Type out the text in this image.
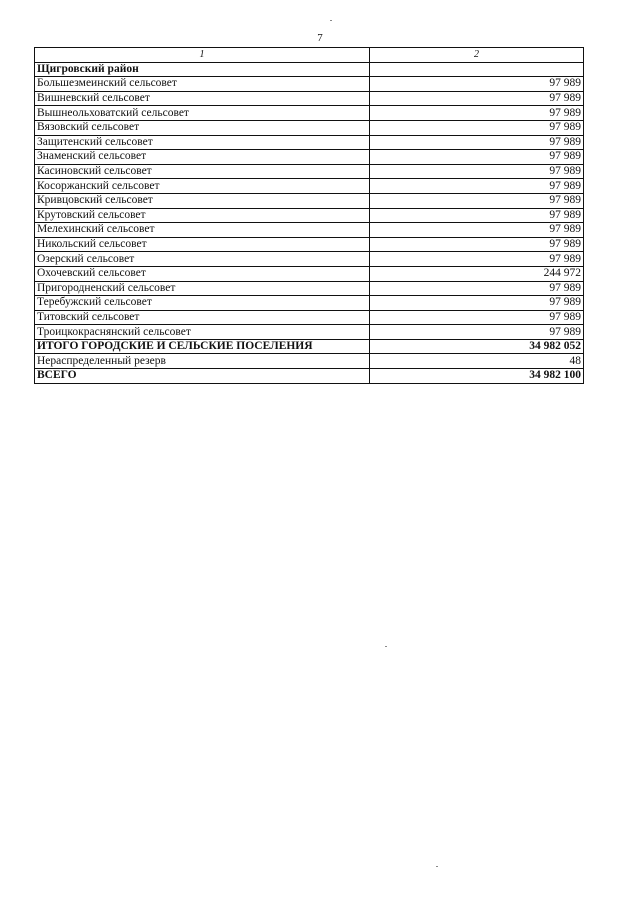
7
1	2
Щигровский район	
Большезмеинский сельсовет	97 989
Вишневский сельсовет	97 989
Вышнеольховатский сельсовет	97 989
Вязовский сельсовет	97 989
Защитенский сельсовет	97 989
Знаменский сельсовет	97 989
Касиновский сельсовет	97 989
Косоржанский сельсовет	97 989
Кривцовский сельсовет	97 989
Крутовский сельсовет	97 989
Мелехинский сельсовет	97 989
Никольский сельсовет	97 989
Озерский сельсовет	97 989
Охочевский сельсовет	244 972
Пригородненский сельсовет	97 989
Теребужский сельсовет	97 989
Титовский сельсовет	97 989
Троицкокраснянский сельсовет	97 989
ИТОГО ГОРОДСКИЕ И СЕЛЬСКИЕ ПОСЕЛЕНИЯ	34 982 052
Нераспределенный резерв	48
ВСЕГО	34 982 100
